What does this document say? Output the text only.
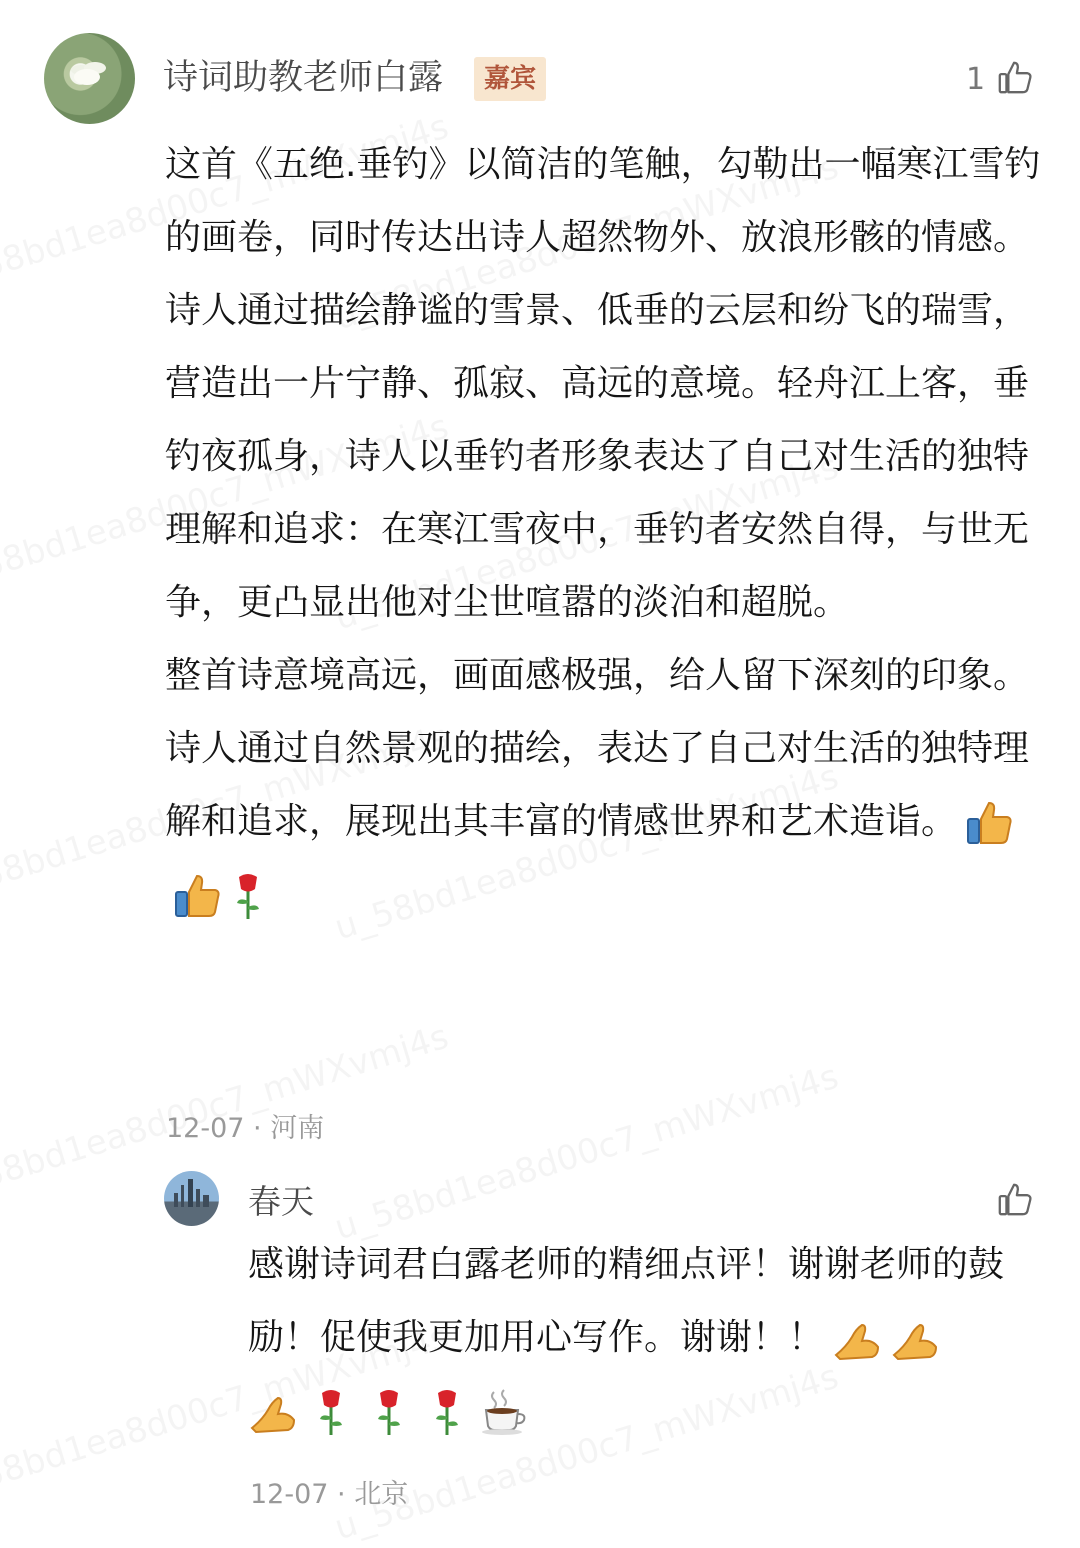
诗词助教老师白露	嘉宾	1

这首《五绝.垂钓》以简洁的笔触，勾勒出一幅寒江雪钓的画卷，同时传达出诗人超然物外、放浪形骸的情感。

诗人通过描绘静谧的雪景、低垂的云层和纷飞的瑞雪，营造出一片宁静、孤寂、高远的意境。轻舟江上客，垂钓夜孤身，诗人以垂钓者形象表达了自己对生活的独特理解和追求：在寒江雪夜中，垂钓者安然自得，与世无争，更凸显出他对尘世喧嚣的淡泊和超脱。

整首诗意境高远，画面感极强，给人留下深刻的印象。诗人通过自然景观的描绘，表达了自己对生活的独特理解和追求，展现出其丰富的情感世界和艺术造诣。

12-07 · 河南
春天

感谢诗词君白露老师的精细点评！谢谢老师的鼓励！促使我更加用心写作。谢谢！！

12-07 · 北京
